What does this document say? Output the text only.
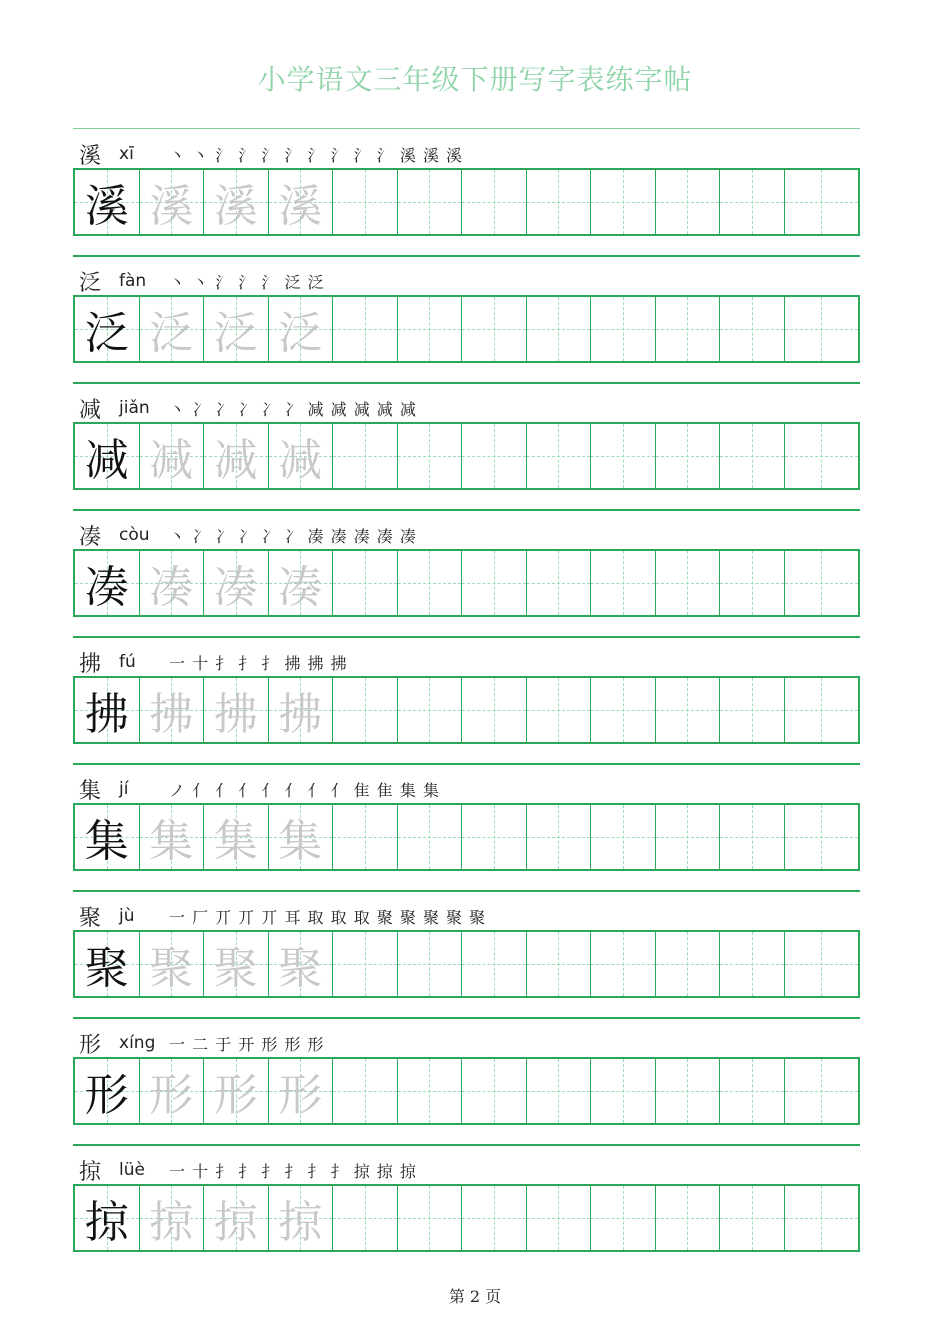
小学语文三年级下册写字表练字帖
溪 xī	丶 丶 氵 氵 氵 氵 氵 氵 氵 氵 溪 溪 溪
溪 溪 溪 溪
泛 fàn	丶 丶 氵 氵 氵 泛 泛
泛 泛 泛 泛
减 jiǎn	丶 冫 冫 冫 冫 冫 减 减 减 减 减
减 减 减 减
凑 còu	丶 冫 冫 冫 冫 冫 凑 凑 凑 凑 凑
凑 凑 凑 凑
拂 fú	一 十 扌 扌 扌 拂 拂 拂
拂 拂 拂 拂
集 jí	ノ 亻 亻 亻 亻 亻 亻 亻 隹 隹 集 集
集 集 集 集
聚 jù	一 厂 丌 丌 丌 耳 取 取 取 聚 聚 聚 聚 聚
聚 聚 聚 聚
形 xíng 一 二 于 开 形 形 形
形 形 形 形
掠 lüè	一 十 扌 扌 扌 扌 扌 扌 掠 掠 掠
掠 掠 掠 掠
第 2 页
